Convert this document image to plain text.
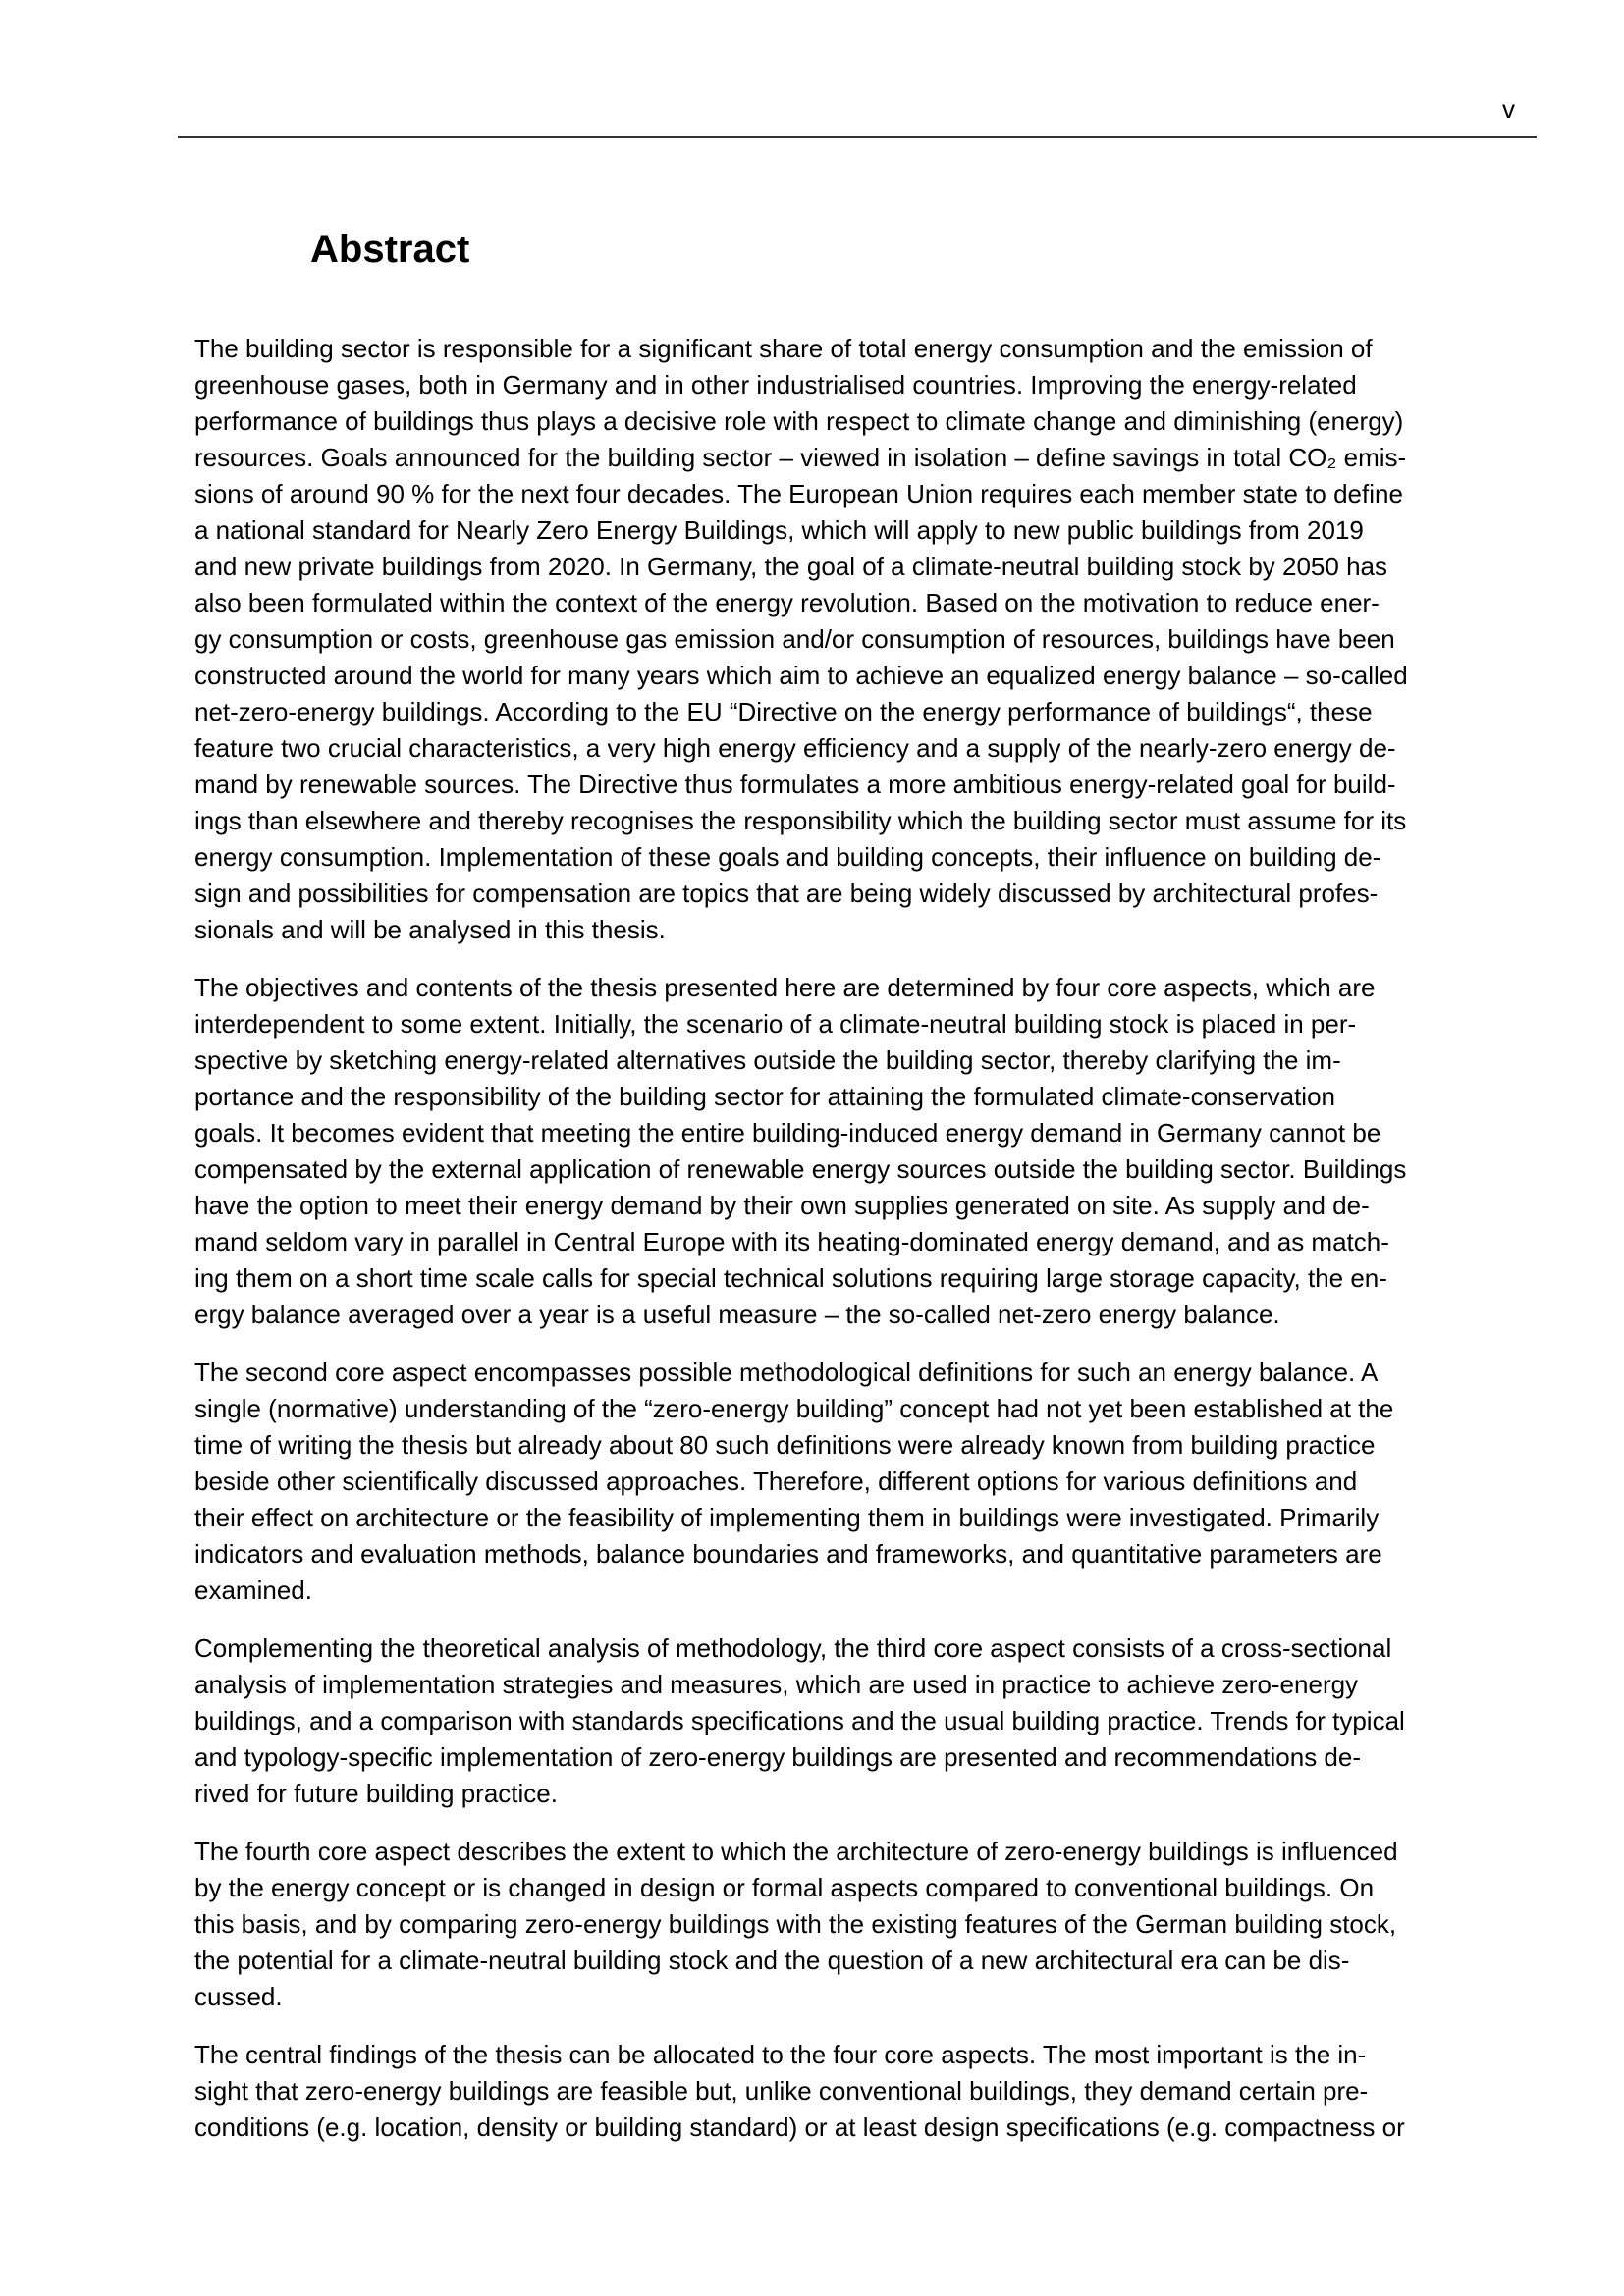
v
Abstract
The building sector is responsible for a significant share of total energy consumption and the emission of
greenhouse gases, both in Germany and in other industrialised countries. Improving the energy-related
performance of buildings thus plays a decisive role with respect to climate change and diminishing (energy)
resources. Goals announced for the building sector – viewed in isolation – define savings in total CO₂ emis-
sions of around 90 % for the next four decades. The European Union requires each member state to define
a national standard for Nearly Zero Energy Buildings, which will apply to new public buildings from 2019
and new private buildings from 2020. In Germany, the goal of a climate-neutral building stock by 2050 has
also been formulated within the context of the energy revolution. Based on the motivation to reduce ener-
gy consumption or costs, greenhouse gas emission and/or consumption of resources, buildings have been
constructed around the world for many years which aim to achieve an equalized energy balance – so-called
net-zero-energy buildings. According to the EU “Directive on the energy performance of buildings“, these
feature two crucial characteristics, a very high energy efficiency and a supply of the nearly-zero energy de-
mand by renewable sources. The Directive thus formulates a more ambitious energy-related goal for build-
ings than elsewhere and thereby recognises the responsibility which the building sector must assume for its
energy consumption. Implementation of these goals and building concepts, their influence on building de-
sign and possibilities for compensation are topics that are being widely discussed by architectural profes-
sionals and will be analysed in this thesis.
The objectives and contents of the thesis presented here are determined by four core aspects, which are
interdependent to some extent. Initially, the scenario of a climate-neutral building stock is placed in per-
spective by sketching energy-related alternatives outside the building sector, thereby clarifying the im-
portance and the responsibility of the building sector for attaining the formulated climate-conservation
goals. It becomes evident that meeting the entire building-induced energy demand in Germany cannot be
compensated by the external application of renewable energy sources outside the building sector. Buildings
have the option to meet their energy demand by their own supplies generated on site. As supply and de-
mand seldom vary in parallel in Central Europe with its heating-dominated energy demand, and as match-
ing them on a short time scale calls for special technical solutions requiring large storage capacity, the en-
ergy balance averaged over a year is a useful measure – the so-called net-zero energy balance.
The second core aspect encompasses possible methodological definitions for such an energy balance. A
single (normative) understanding of the “zero-energy building” concept had not yet been established at the
time of writing the thesis but already about 80 such definitions were already known from building practice
beside other scientifically discussed approaches. Therefore, different options for various definitions and
their effect on architecture or the feasibility of implementing them in buildings were investigated. Primarily
indicators and evaluation methods, balance boundaries and frameworks, and quantitative parameters are
examined.
Complementing the theoretical analysis of methodology, the third core aspect consists of a cross-sectional
analysis of implementation strategies and measures, which are used in practice to achieve zero-energy
buildings, and a comparison with standards specifications and the usual building practice. Trends for typical
and typology-specific implementation of zero-energy buildings are presented and recommendations de-
rived for future building practice.
The fourth core aspect describes the extent to which the architecture of zero-energy buildings is influenced
by the energy concept or is changed in design or formal aspects compared to conventional buildings. On
this basis, and by comparing zero-energy buildings with the existing features of the German building stock,
the potential for a climate-neutral building stock and the question of a new architectural era can be dis-
cussed.
The central findings of the thesis can be allocated to the four core aspects. The most important is the in-
sight that zero-energy buildings are feasible but, unlike conventional buildings, they demand certain pre-
conditions (e.g. location, density or building standard) or at least design specifications (e.g. compactness or
